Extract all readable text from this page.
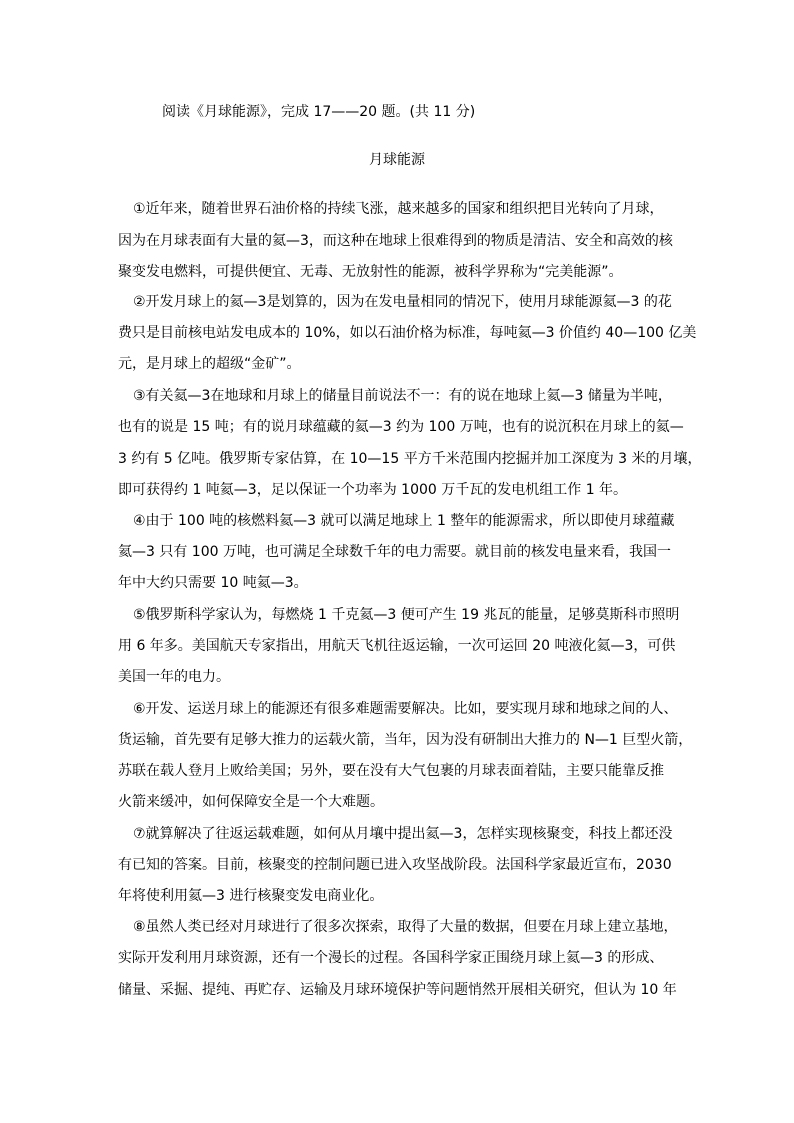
阅读《月球能源》，完成 17——20 题。(共 11 分)
月球能源
①近年来，随着世界石油价格的持续飞涨，越来越多的国家和组织把目光转向了月球，
因为在月球表面有大量的氦—3，而这种在地球上很难得到的物质是清洁、安全和高效的核
聚变发电燃料，可提供便宜、无毒、无放射性的能源，被科学界称为“完美能源”。
②开发月球上的氦—3是划算的，因为在发电量相同的情况下，使用月球能源氦—3 的花
费只是目前核电站发电成本的 10%，如以石油价格为标准，每吨氦—3 价值约 40—100 亿美
元，是月球上的超级“金矿”。
③有关氦—3在地球和月球上的储量目前说法不一：有的说在地球上氦—3 储量为半吨，
也有的说是 15 吨；有的说月球蕴藏的氦—3 约为 100 万吨，也有的说沉积在月球上的氦—
3 约有 5 亿吨。俄罗斯专家估算，在 10—15 平方千米范围内挖掘并加工深度为 3 米的月壤，
即可获得约 1 吨氦—3，足以保证一个功率为 1000 万千瓦的发电机组工作 1 年。
④由于 100 吨的核燃料氦—3 就可以满足地球上 1 整年的能源需求，所以即使月球蕴藏
氦—3 只有 100 万吨，也可满足全球数千年的电力需要。就目前的核发电量来看，我国一
年中大约只需要 10 吨氦—3。
⑤俄罗斯科学家认为，每燃烧 1 千克氦—3 便可产生 19 兆瓦的能量，足够莫斯科市照明
用 6 年多。美国航天专家指出，用航天飞机往返运输，一次可运回 20 吨液化氦—3，可供
美国一年的电力。
⑥开发、运送月球上的能源还有很多难题需要解决。比如，要实现月球和地球之间的人、
货运输，首先要有足够大推力的运载火箭，当年，因为没有研制出大推力的 N—1 巨型火箭，
苏联在载人登月上败给美国；另外，要在没有大气包裹的月球表面着陆，主要只能靠反推
火箭来缓冲，如何保障安全是一个大难题。
⑦就算解决了往返运载难题，如何从月壤中提出氦—3，怎样实现核聚变，科技上都还没
有已知的答案。目前，核聚变的控制问题已进入攻坚战阶段。法国科学家最近宣布，2030
年将使利用氦—3 进行核聚变发电商业化。
⑧虽然人类已经对月球进行了很多次探索，取得了大量的数据，但要在月球上建立基地，
实际开发利用月球资源，还有一个漫长的过程。各国科学家正围绕月球上氦—3 的形成、
储量、采掘、提纯、再贮存、运输及月球环境保护等问题悄然开展相关研究，但认为 10 年
